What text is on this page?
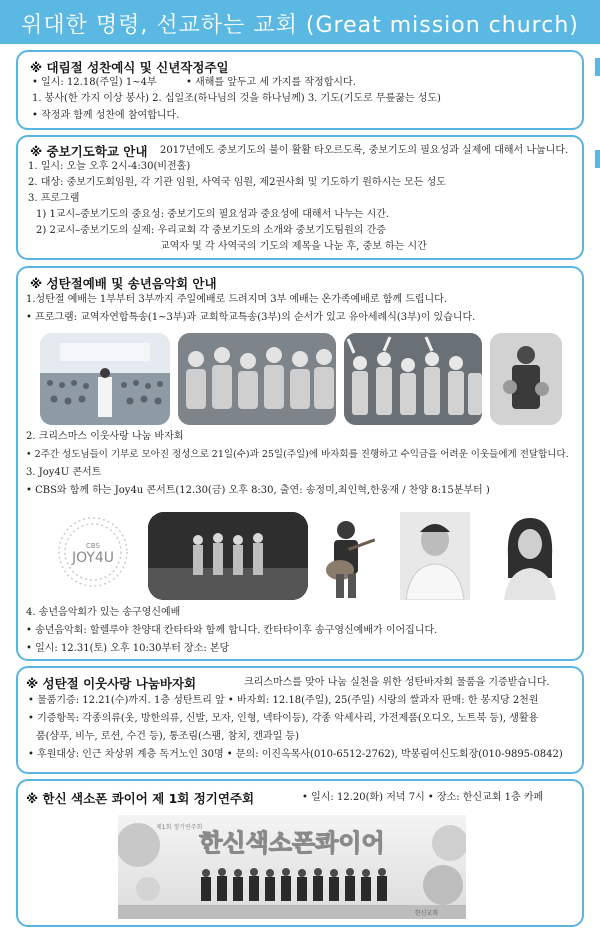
위대한 명령, 선교하는 교회 (Great mission church)
※ 대림절 성찬예식 및 신년작정주일
• 일시: 12.18(주일) 1~4부	• 새해를 앞두고 세 가지를 작정합시다.
1. 봉사(한 가지 이상 봉사) 2. 십일조(하나님의 것을 하나님께) 3. 기도(기도로 무릎꿇는 성도)
• 작정과 함께 성찬에 참여합니다.
※ 중보기도학교 안내 2017년에도 중보기도의 불이 활활 타오르도록, 중보기도의 필요성과 실제에 대해서 나눕니다.
1. 일시: 오늘 오후 2시-4:30(비전홀)
2. 대상: 중보기도회임원, 각 기관 임원, 사역국 임원, 제2권사회 및 기도하기 원하시는 모든 성도
3. 프로그램
1) 1교시–중보기도의 중요성: 중보기도의 필요성과 중요성에 대해서 나누는 시간.
2) 2교시–중보기도의 실제: 우리교회 각 중보기도의 소개와 중보기도팀원의 간증
교역자 및 각 사역국의 기도의 제목을 나눈 후, 중보 하는 시간
※ 성탄절예배 및 송년음악회 안내
1.성탄절 예배는 1부부터 3부까지 주일예배로 드려지며 3부 예배는 온가족예배로 함께 드립니다.
• 프로그램: 교역자연합특송(1~3부)과 교회학교특송(3부)의 순서가 있고 유아세례식(3부)이 있습니다.
2. 크리스마스 이웃사랑 나눔 바자회
• 2주간 성도님들이 기부로 모아진 정성으로 21일(수)과 25일(주일)에 바자회를 진행하고 수익금을 어려운 이웃들에게 전달합니다.
3. Joy4U 콘서트
• CBS와 함께 하는 Joy4u 콘서트(12.30(금) 오후 8:30, 출연: 송정미,최인혁,한웅재 / 찬양 8:15분부터 )
CBS
JOY4U
4. 송년음악회가 있는 송구영신예배
• 송년음악회: 할렐루야 찬양대 칸타타와 함께 합니다. 칸타타이후 송구영신예배가 이어집니다.
• 일시: 12.31(토) 오후 10:30부터 장소: 본당
※ 성탄절 이웃사랑 나눔바자회	크리스마스를 맞아 나눔 실천을 위한 성탄바자회 물품을 기증받습니다.
• 물품기증: 12.21(수)까지. 1층 성탄트리 앞 • 바자회: 12.18(주일), 25(주일) 시랑의 쌀과자 판매: 한 봉지당 2천원
• 기증항목: 각종의류(옷, 방한의류, 신발, 모자, 인형, 넥타이등), 각종 악세사리, 가전제품(오디오, 노트북 등), 생활용
품(샴푸, 비누, 로션, 수건 등), 통조림(스팸, 참치, 캔과일 등)
• 후원대상: 인근 차상위 계층 독거노인 30명 • 문의: 이진옥목사(010-6512-2762), 박봉림여신도회장(010-9895-0842)
※ 한신 색소폰 콰이어 제 1회 정기연주회	• 일시: 12.20(화) 저녁 7시 • 장소: 한신교회 1층 카페
제1회 정기연주회
한신색소폰콰이어
한신교회
